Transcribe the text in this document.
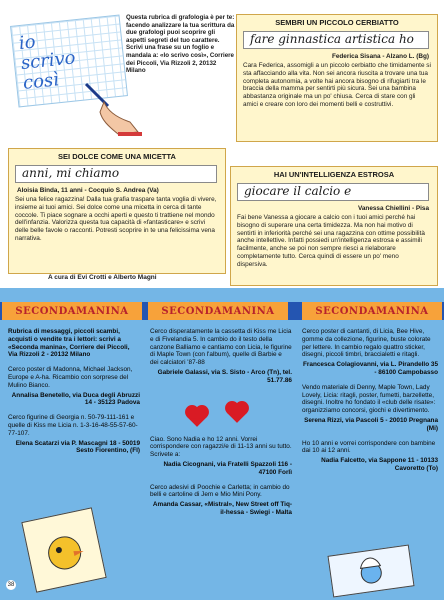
io
scrivo
così
Questa rubrica di grafologia è per te: facendo analizzare la tua scrittura da due grafologi puoi scoprire gli aspetti segreti del tuo carattere. Scrivi una frase su un foglio e mandala a: «Io scrivo così», Corriere dei Piccoli, Via Rizzoli 2, 20132 Milano
SEMBRI UN PICCOLO CERBIATTO
fare ginnastica artistica ho
Federica Sisana - Alzano L. (Bg)
Cara Federica, assomigli a un piccolo cerbiatto che timidamente si sta affacciando alla vita. Non sei ancora riuscita a trovare una tua completa autonomia, a volte hai ancora bisogno di rifugiarti tra le braccia della mamma per sentirti più sicura. Sei una bambina abbastanza originale ma un po' chiusa. Cerca di stare con gli amici e creare con loro dei momenti belli e costruttivi.
SEI DOLCE COME UNA MICETTA
anni, mi chiamo
Aloisia Binda, 11 anni - Cocquio S. Andrea (Va)
Sei una felice ragazzina! Dalla tua grafia traspare tanta voglia di vivere, insieme ai tuoi amici. Sei dolce come una micetta in cerca di tante coccole. Ti piace sognare a occhi aperti e questo ti trattiene nel mondo dell'infanzia. Valorizza questa tua capacità di «fantasticare» e scrivi delle belle favole o racconti. Potresti scoprire in te una felicissima vena narrativa.
HAI UN'INTELLIGENZA ESTROSA
giocare il calcio e
Vanessa Chiellini - Pisa
Fai bene Vanessa a giocare a calcio con i tuoi amici perché hai bisogno di superare una certa timidezza. Ma non hai motivo di sentirti in inferiorità perché sei una ragazzina con ottime possibilità anche intellettive. Infatti possiedi un'intelligenza estrosa e assimili facilmente, anche se poi non sempre riesci a rielaborare completamente tutto. Cerca quindi di essere un po' meno dispersiva.
A cura di Evi Crotti e Alberto Magni
SECONDAMANINA	SECONDAMANINA	SECONDAMANINA
Rubrica di messaggi, piccoli scambi, acquisti o vendite tra i lettori: scrivi a «Seconda manina», Corriere dei Piccoli, Via Rizzoli 2 - 20132 Milano
Cerco poster di Madonna, Michael Jackson, Europe e A-ha. Ricambio con sorprese del Mulino Bianco.
Annalisa Benetello, via Duca degli Abruzzi 14 - 35123 Padova
Cerco figurine di Georgia n. 50-79-111-161 e quelle di Kiss me Licia n. 1-3-16-48-55-57-60-77-107.
Elena Scatarzi via P. Mascagni 18 - 50019 Sesto Fiorentino, (FI)
Cerco disperatamente la cassetta di Kiss me Licia e di Fivelandia 5. In cambio do il testo della canzone Balliamo e cantiamo con Licia, le figurine di Maple Town (con l'album), quelle di Barbie e dei calciatori '87-88
Gabriele Galassi, via S. Sisto - Arco (Tn), tel. 51.77.86
Ciao. Sono Nadia e ho 12 anni. Vorrei corrispondere con ragazzi/e di 11-13 anni su tutto. Scrivete a:
Nadia Cicognani, via Fratelli Spazzoli 116 - 47100 Forlì
Cerco adesivi di Poochie e Carletta; in cambio do belli e cartoline di Jem e Mio Mini Pony.
Amanda Cassar, «Mistral», New Street off Tiq-il-hessa - Swiegi - Malta
Cerco poster di cantanti, di Licia, Bee Hive, gomme da collezione, figurine, buste colorate per lettere. In cambio regalo quattro sticker, disegni, piccoli timbri, braccialetti e ritagli.
Francesca Colagiovanni, via L. Pirandello 35 - 86100 Campobasso
Vendo materiale di Denny, Maple Town, Lady Lovely, Licia: ritagli, poster, fumetti, barzellette, disegni. Inoltre ho fondato il «club delle risate»: organizziamo concorsi, giochi e divertimento.
Serena Rizzi, via Pascoli 5 - 20010 Pregnana (Mi)
Ho 10 anni e vorrei corrispondere con bambine dai 10 ai 12 anni.
Nadia Falcetto, via Sappone 11 - 10133 Cavoretto (To)
38
